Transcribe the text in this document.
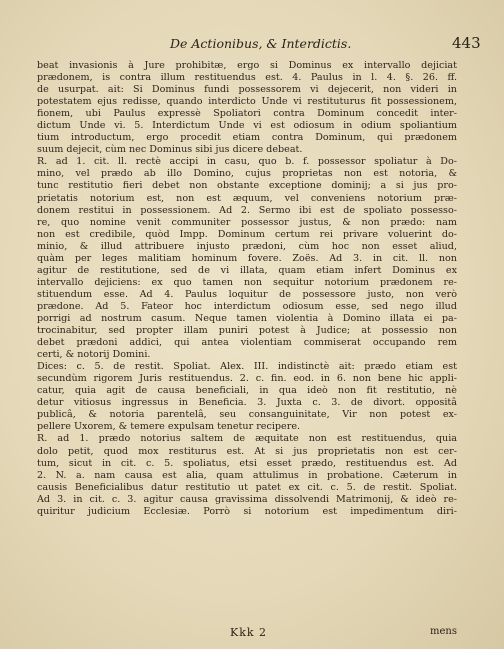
De Actionibus, & Interdictis.	443
beat invasionis à Jure prohibitæ, ergo si Dominus ex intervallo dejiciat
prædonem, is contra illum restituendus est. 4. Paulus in l. 4. §. 26. ff.
de usurpat. ait: Si Dominus fundi possessorem vi dejecerit, non videri in
potestatem ejus redisse, quando interdicto Unde vi restituturus fit possessionem,
fionem, ubi Paulus expressè Spoliatori contra Dominum concedit inter-
dictum Unde vi. 5. Interdictum Unde vi est odiosum in odium spoliantium
tium introductum, ergo procedit etiam contra Dominum, qui prædonem
suum dejecit, cùm nec Dominus sibi jus dicere debeat.
R. ad 1. cit. ll. rectè accipi in casu, quo b. f. possessor spoliatur à Do-
mino, vel prædo ab illo Domino, cujus proprietas non est notoria, &
tunc restitutio fieri debet non obstante exceptione dominij; a si jus pro-
prietatis notorium est, non est æquum, vel conveniens notorium præ-
donem restitui in possessionem. Ad 2. Sermo ibi est de spoliato possesso-
re, quo nomine venit communiter possessor justus, & non prædo: nam
non est credibile, quòd Impp. Dominum certum rei privare voluerint do-
minio, & illud attribuere injusto prædoni, cùm hoc non esset aliud,
quàm per leges malitiam hominum fovere. Zoës. Ad 3. in cit. ll. non
agitur de restitutione, sed de vi illata, quam etiam infert Dominus ex
intervallo dejiciens: ex quo tamen non sequitur notorium prædonem re-
stituendum esse. Ad 4. Paulus loquitur de possessore justo, non verò
prædone. Ad 5. Fateor hoc interdictum odiosum esse, sed nego illud
porrigi ad nostrum casum. Neque tamen violentia à Domino illata ei pa-
trocinabitur, sed propter illam puniri potest à Judice; at possessio non
debet prædoni addici, qui antea violentiam commiserat occupando rem
certi, & notorij Domini.
Dices: c. 5. de restit. Spoliat. Alex. III. indistinctè ait: prædo etiam est
secundùm rigorem Juris restituendus. 2. c. fin. eod. in 6. non bene hic appli-
catur, quia agit de causa beneficiali, in qua ideò non fit restitutio, nè
detur vitiosus ingressus in Beneficia. 3. Juxta c. 3. de divort. oppositâ
publicâ, & notoria parentelâ, seu consanguinitate, Vir non potest ex-
pellere Uxorem, & temere expulsam tenetur recipere.
R. ad 1. prædo notorius saltem de æquitate non est restituendus, quia
dolo petit, quod mox restiturus est. At si jus proprietatis non est cer-
tum, sicut in cit. c. 5. spoliatus, etsi esset prædo, restituendus est. Ad
2. N. a. nam causa est alia, quam attulimus in probatione. Cæterum in
causis Beneficialibus datur restitutio ut patet ex cit. c. 5. de restit. Spoliat.
Ad 3. in cit. c. 3. agitur causa gravissima dissolvendi Matrimonij, & ideò re-
quiritur judicium Ecclesiæ. Porrò si notorium est impedimentum diri-
Kkk 2	mens
